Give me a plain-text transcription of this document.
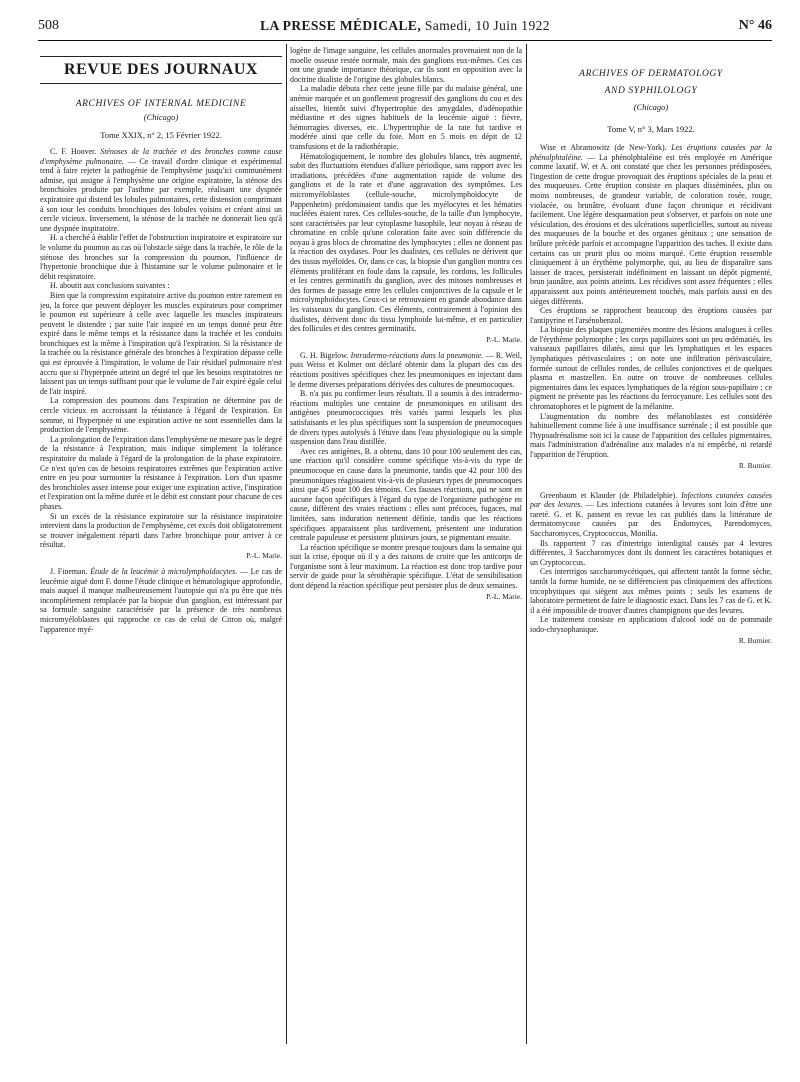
508	LA PRESSE MÉDICALE, Samedi, 10 Juin 1922	N° 46
REVUE DES JOURNAUX
ARCHIVES OF INTERNAL MEDICINE
(Chicago)
Tome XXIX, n° 2, 15 Février 1922.

C. F. Hoover. Sténoses de la trachée et des bronches comme cause d'emphysème pulmonaire. — Ce travail d'ordre clinique et expérimental tend à faire rejeter la pathogénie de l'emphysème jusqu'ici communément admise, qui assigne à l'emphysème une origine expiratoire, la sténose des bronchioles produite par l'asthme par exemple, réalisant une dyspnée expiratoire qui distend les lobules pulmonaires, cette distension comprimant à son tour les conduits bronchiques des lobules voisins et créant ainsi un cercle vicieux. Inversement, la sténose de la trachée ne donnerait lieu qu'à une dyspnée inspiratoire.

H. a cherché à établir l'effet de l'obstruction inspiratoire et expiratoire sur le volume du poumon au cas où l'obstacle siège dans la trachée, le rôle de la sténose des bronches sur la compression du poumon, l'influence de l'hypertonie bronchique due à l'histamine sur le volume pulmonaire et le débit respiratoire.

H. aboutit aux conclusions suivantes :

Bien que la compression expiratoire active du poumon entre rarement en jeu, la force que peuvent déployer les muscles expirateurs pour comprimer le poumon est supérieure à celle avec laquelle les muscles inspirateurs peuvent le distendre ; par suite l'air inspiré en un temps donné peut être expiré dans le même temps et la résistance dans la trachée et les conduits bronchiques est la même à l'inspiration qu'à l'expiration. Si la résistance de la trachée ou la résistance générale des bronches à l'expiration dépasse celle qui est éprouvée à l'inspiration, le volume de l'air résiduel pulmonaire n'est accru que si l'hyperpnée atteint un degré tel que les besoins respiratoires ne laissent pas un temps suffisant pour que le volume de l'air expiré égale celui de l'air inspiré.

La compression des poumons dans l'expiration ne détermine pas de cercle vicieux en accroissant la résistance à l'égard de l'expiration. En somme, ni l'hyperpnée ni une expiration active ne sont essentielles dans la production de l'emphysème.

La prolongation de l'expiration dans l'emphysème ne mesure pas le degré de la résistance à l'expiration, mais indique simplement la tolérance respiratoire du malade à l'égard de la prolongation de la phase expiratoire. Ce n'est qu'en cas de besoins respiratoires extrêmes que l'expiration active entre en jeu pour surmonter la résistance à l'expiration. Lors d'un spasme des bronchioles assez intense pour exiger une expiration active, l'inspiration et l'expiration ont la même durée et le débit est constant pour chacune de ces phases.

Si un excès de la résistance expiratoire sur la résistance inspiratoire intervient dans la production de l'emphysème, cet excès doit obligatoirement se trouver inégalement réparti dans l'arbre bronchique pour arriver à ce résultat.

P.-L. Marie.

J. Fineman. Étude de la leucémie à microlymphoïdocytes. — Le cas de leucémie aiguë dont F. donne l'étude clinique et hématologique approfondie, mais auquel il manque malheureusement l'autopsie qui n'a pu être que très incomplètement remplacée par la biopsie d'un ganglion, est intéressant par sa formule sanguine caractérisée par la présence de très nombreux micromyéloblastes qui rapproche ce cas de celui de Citron où, malgré l'apparence myé-

logène de l'image sanguine, les cellules anormales provenaient non de la moelle osseuse restée normale, mais des ganglions eux-mêmes. Ces cas ont une grande importance théorique, car ils sont en opposition avec la doctrine dualiste de l'origine des globules blancs.

La maladie débuta chez cette jeune fille par du malaise général, une anémie marquée et un gonflement progressif des ganglions du cou et des aisselles, bientôt suivi d'hypertrophie des amygdales, d'adénopathie médiastine et des signes habituels de la leucémie aiguë : fièvre, hémorragies diverses, etc. L'hypertrophie de la rate fut tardive et modérée ainsi que celle du foie. Mort en 5 mois en dépit de 12 transfusions et de la radiothérapie.

Hématologiquement, le nombre des globules blancs, très augmenté, subit des fluctuations étendues d'allure périodique, sans rapport avec les irradiations, précédées d'une augmentation rapide de volume des ganglions et de la rate et d'une aggravation des symptômes. Les micromyéloblastes (cellule-souche, microlymphoïdocyte de Pappenheim) prédominaient tandis que les myélocytes et les hématies nucléées étaient rares. Ces cellules-souche, de la taille d'un lymphocyte, sont caractérisées par leur cytoplasme basophile, leur noyau à réseau de chromatine en crible qu'une coloration faite avec soin différencie du noyau à gros blocs de chromatine des lymphocytes ; elles ne donnent pas la réaction des oxydases. Pour les dualistes, ces cellules ne dérivent que des tissus myéloïdes. Or, dans ce cas, la biopsie d'un ganglion montra ces éléments proliférant en foule dans la capsule, les cordons, les follicules et les centres germinatifs du ganglion, avec des mitoses nombreuses et des formes de passage entre les cellules conjonctives de la capsule et le microlymphoïdocytes. Ceux-ci se retrouvaient en grande abondance dans les vaisseaux du ganglion. Ces éléments, contrairement à l'opinion des dualistes, dérivent donc du tissu lymphoïde lui-même, et en particulier des follicules et des centres germinatifs.

P.-L. Marie.

G. H. Bigelow. Intradermo-réactions dans la pneumonie. — R. Weil, puis Weiss et Kolmer ont déclaré obtenir dans la plupart des cas des réactions positives spécifiques chez les pneumoniques en injectant dans le derme diverses préparations dérivées des cultures de pneumocoques.

B. n'a pas pu confirmer leurs résultats. Il a soumis à des intradermo-réactions multiples une centaine de pneumoniques en utilisant des antigènes pneumococciques très variés parmi lesquels les plus satisfaisants et les plus spécifiques sont la suspension de pneumocoques de divers types autolysés à l'étuve dans l'eau physiologique ou la simple suspension dans l'eau distillée.

Avec ces antigènes, B. a obtenu, dans 10 pour 100 seulement des cas, une réaction qu'il considère comme spécifique vis-à-vis du type de pneumocoque en cause dans la pneumonie, tandis que 42 pour 100 des pneumoniques réagissaient vis-à-vis de plusieurs types de pneumocoques ainsi que 45 pour 100 des témoins. Ces fausses réactions, qui ne sont en aucune façon spécifiques à l'égard du type de l'organisme pathogène en cause, diffèrent des vraies réactions : elles sont précoces, fugaces, mal limitées, sans induration nettement définie, tandis que les réactions spécifiques apparaissent plus tardivement, présentent une induration centrale papuleuse et persistent plusieurs jours, se pigmentant ensuite.

La réaction spécifique se montre presque toujours dans la semaine qui suit la crise, époque où il y a des raisons de croire que les anticorps de l'organisme sont à leur maximum. La réaction est donc trop tardive pour servir de guide pour la sérothérapie spécifique. L'état de sensibilisation dont dépend la réaction spécifique peut persister plus de deux semaines.

P.-L. Marie.
ARCHIVES OF DERMATOLOGY
AND SYPHILOLOGY
(Chicago)
Tome V, n° 3, Mars 1922.

Wise et Abramowitz (de New-York). Les éruptions causées par la phénolphtaléine. — La phénolphtaléine est très employée en Amérique comme laxatif. W. et A. ont constaté que chez les personnes prédisposées, l'ingestion de cette drogue provoquait des éruptions spéciales de la peau et des muqueuses. Cette éruption consiste en plaques disséminées, plus ou moins nombreuses, de grandeur variable, de coloration rosée, rouge, violacée, ou brunâtre, évoluant d'une façon chronique et récidivant facilement. Une légère desquamation peut s'observer, et parfois on note une vésiculation, des érosions et des ulcérations superficielles, surtout au niveau des muqueuses de la bouche et des organes génitaux ; une sensation de brûlure précède parfois et accompagne l'apparition des taches. Il existe dans certains cas un prurit plus ou moins marqué. Cette éruption ressemble cliniquement à un érythème polymorphe, qui, au lieu de disparaître sans laisser de traces, persisterait indéfiniment en laissant un dépôt pigmenté, brun jaunâtre, aux points atteints. Les récidives sont assez fréquentes ; elles apparaissent aux points antérieurement touchés, mais parfois aussi en des sièges différents.

Ces éruptions se rapprochent beaucoup des éruptions causées par l'antipyrine et l'arsénobenzol.

La biopsie des plaques pigmentées montre des lésions analogues à celles de l'érythème polymorphe ; les corps papillaires sont un peu œdématiés, les vaisseaux papillaires dilatés, ainsi que les lymphatiques et les espaces lymphatiques périvasculaires ; on note une infiltration périvasculaire, formée surtout de cellules rondes, de cellules conjonctives et de quelques plasma et mastzellen. En outre on trouve de nombreuses cellules pigmentaires dans les espaces lymphatiques de la région sous-papillaire ; ce pigment ne présente pas les réactions du ferrocyanure. Les cellules sont des chromatophores et le pigment de la mélanine.

L'augmentation du nombre des mélanoblastes est considérée habituellement comme liée à une insuffisance surrénale ; il est possible que l'hypoadrénalisme soit ici la cause de l'apparition des cellules pigmentaires, mais l'administration d'adrénaline aux malades n'a ni empêché, ni retardé l'apparition de l'éruption.

R. Burnier.

Greenbaum et Klauder (de Philadelphie). Infections cutanées causées par des levures. — Les infections cutanées à levures sont loin d'être une rareté. G. et K. passent en revue les cas publiés dans la littérature de dermatomycose causées par des Endomyces, Parendomyces, Saccharomyces, Cryptococcus, Monilia.

Ils rapportent 7 cas d'intertrigo interdigital causés par 4 levures différentes, 3 Saccharomyces dont ils donnent les caractères botaniques et un Cryptococcus.

Ces intertrigos saccharomycétiques, qui affectent tantôt la forme sèche, tantôt la forme humide, ne se différencient pas cliniquement des affections tricophytiques qui siègent aux mêmes points ; seuls les examens de laboratoire permettent de faire le diagnostic exact. Dans les 7 cas de G. et K. il a été impossible de trouver d'autres champignons que des levures.

Le traitement consiste en applications d'alcool iodé ou de pommade iodo-chrysophanique.

R. Burnier.
